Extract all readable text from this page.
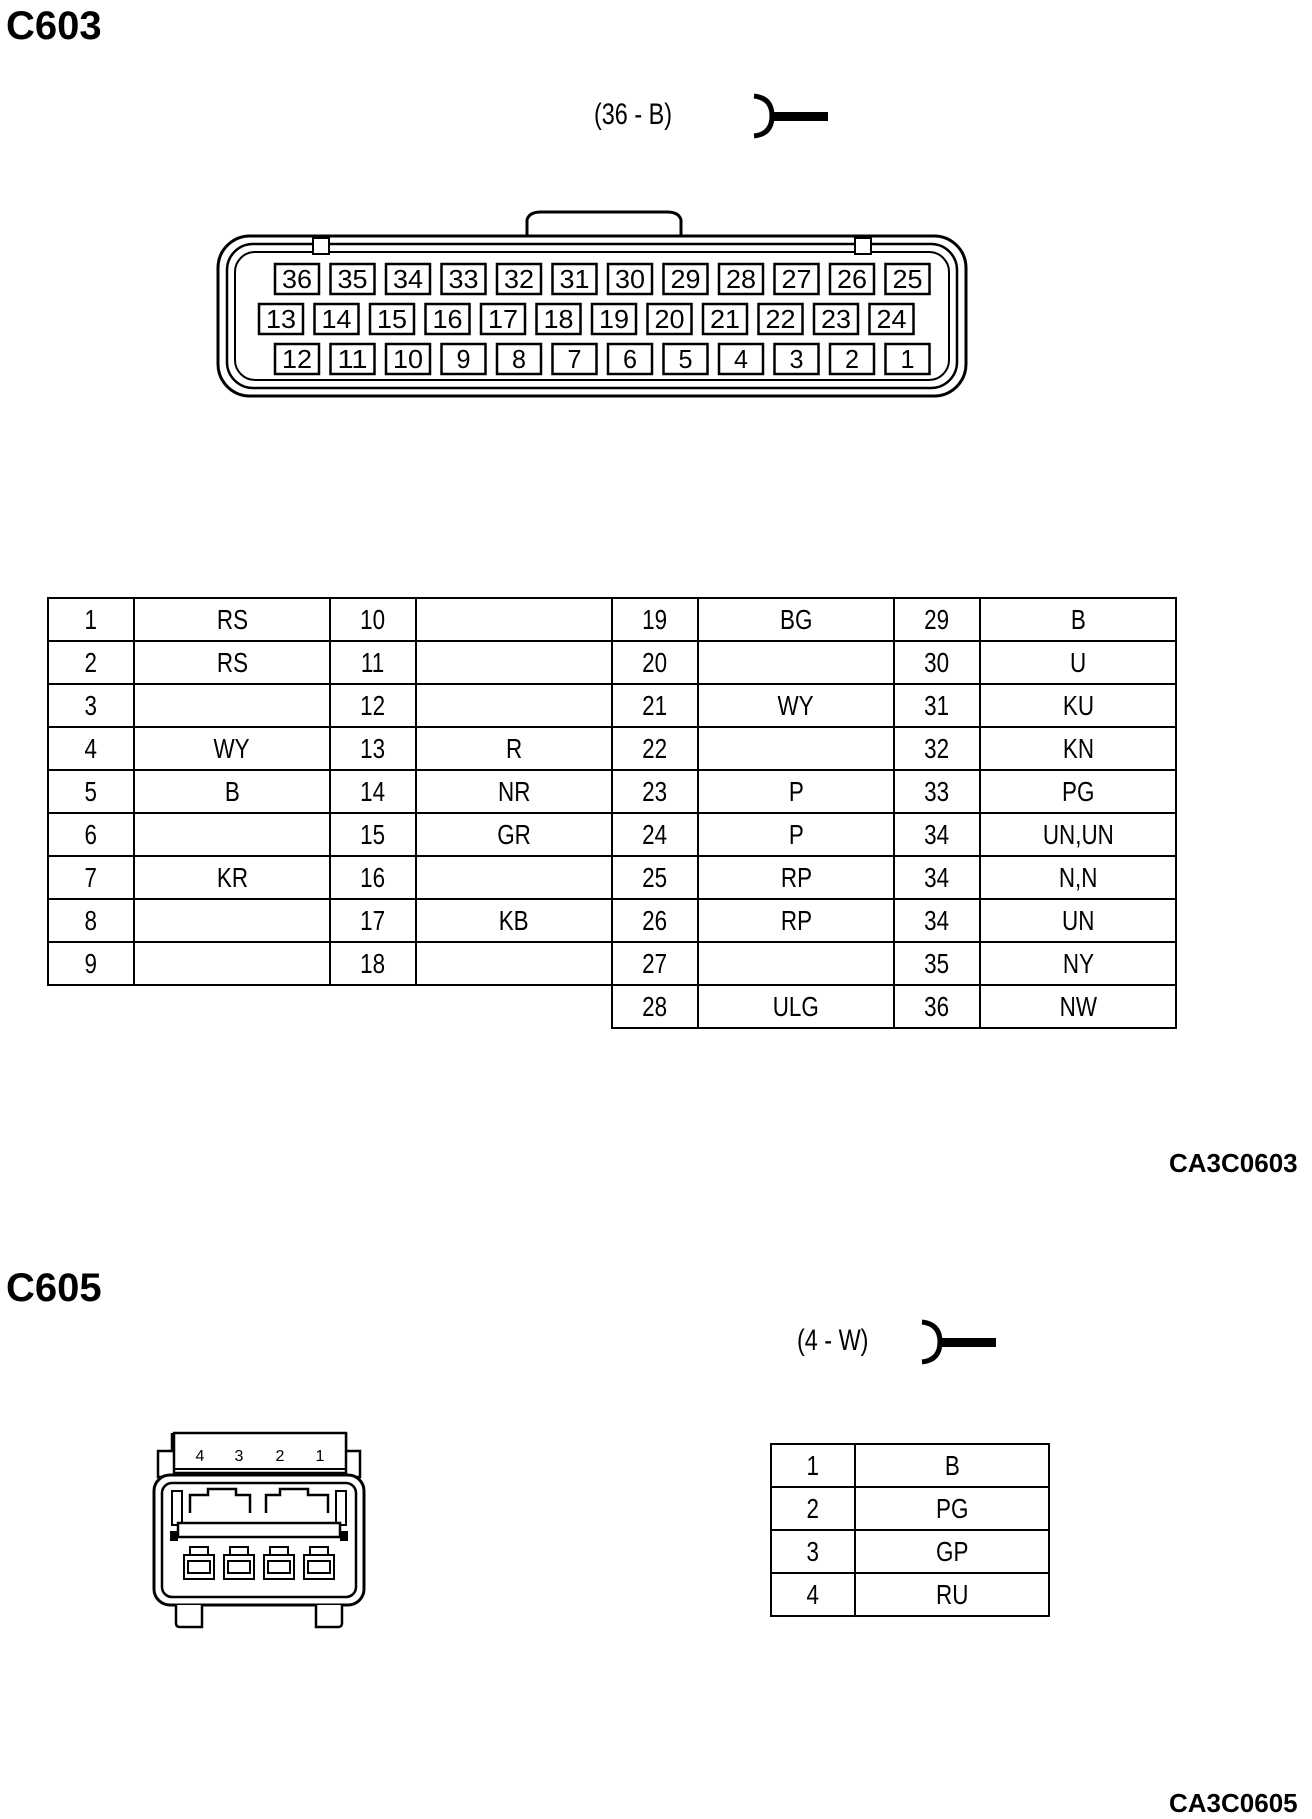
C603
(36 - B)
36 35 34 33 32 31 30 29 28 27 26 25
13 14 15 16 17 18 19 20 21 22 23 24
12 11 10 9 8 7 6 5 4 3 2 1
1	RS	10		19	BG	29	B
2	RS	11		20		30	U
3		12		21	WY	31	KU
4	WY	13	R	22		32	KN
5	B	14	NR	23	P	33	PG
6		15	GR	24	P	34	UN,UN
7	KR	16		25	RP	34	N,N
8		17	KB	26	RP	34	UN
9		18		27		35	NY
				28	ULG	36	NW
CA3C0603
C605
(4 - W)
4 3 2 1	1	B
2	PG
3	GP
4	RU
CA3C0605
